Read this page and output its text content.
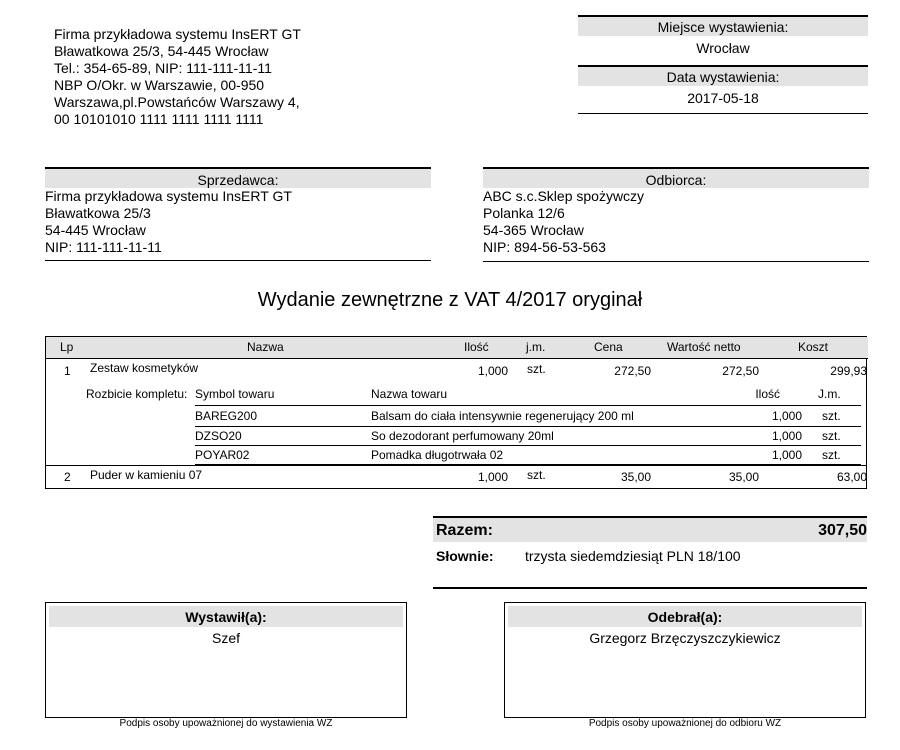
Firma przykładowa systemu InsERT GT
Bławatkowa 25/3, 54-445 Wrocław
Tel.: 354-65-89, NIP: 111-111-11-11
NBP O/Okr. w Warszawie, 00-950
Warszawa,pl.Powstańców Warszawy 4,
00 10101010 1111 1111 1111 1111
Miejsce wystawienia:
Wrocław
Data wystawienia:
2017-05-18
Sprzedawca:
Firma przykładowa systemu InsERT GT
Bławatkowa 25/3
54-445 Wrocław
NIP: 111-111-11-11
Odbiorca:
ABC s.c.Sklep spożywczy
Polanka 12/6
54-365 Wrocław
NIP: 894-56-53-563
Wydanie zewnętrzne z VAT 4/2017 oryginał
Lp	Nazwa	Ilość	j.m.	Cena	Wartość netto	Koszt
1 Zestaw kosmetyków	1,000 szt.	272,50	272,50	299,93
Rozbicie kompletu: Symbol towaru	Nazwa towaru	Ilość	J.m.
BAREG200	Balsam do ciała intensywnie regenerujący 200 ml	1,000 szt.
DZSO20	So dezodorant perfumowany 20ml	1,000 szt.
POYAR02	Pomadka długotrwała 02	1,000 szt.
2 Puder w kamieniu 07	1,000 szt.	35,00	35,00	63,00
Razem:	307,50
Słownie: trzysta siedemdziesiąt PLN 18/100
Wystawił(a):
Szef
Podpis osoby upoważnionej do wystawienia WZ
Odebrał(a):
Grzegorz Brzęczyszczykiewicz
Podpis osoby upoważnionej do odbioru WZ
